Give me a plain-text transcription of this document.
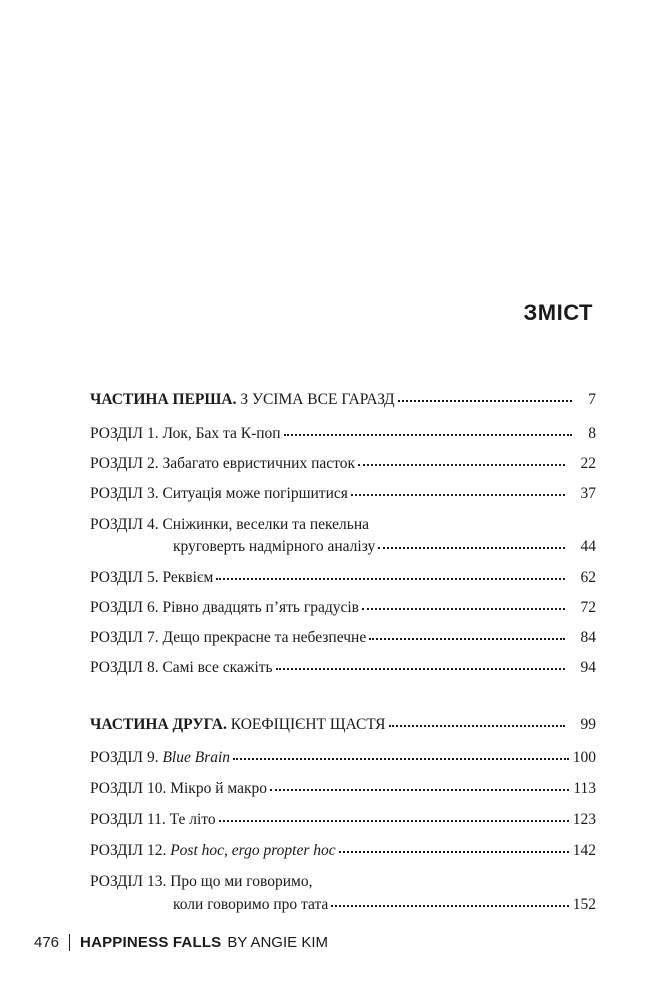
ЗМІСТ
ЧАСТИНА ПЕРША. З УСІМА ВСЕ ГАРАЗД	7
РОЗДІЛ 1. Лок, Бах та К-поп	8
РОЗДІЛ 2. Забагато евристичних пасток	22
РОЗДІЛ 3. Ситуація може погіршитися	37
РОЗДІЛ 4. Сніжинки, веселки та пекельна
круговерть надмірного аналізу	44
РОЗДІЛ 5. Реквієм	62
РОЗДІЛ 6. Рівно двадцять п’ять градусів	72
РОЗДІЛ 7. Дещо прекрасне та небезпечне	84
РОЗДІЛ 8. Самі все скажіть	94
ЧАСТИНА ДРУГА. КОЕФІЦІЄНТ ЩАСТЯ	99
РОЗДІЛ 9. Blue Brain	100
РОЗДІЛ 10. Мікро й макро	113
РОЗДІЛ 11. Те літо	123
РОЗДІЛ 12. Post hoc, ergo propter hoc	142
РОЗДІЛ 13. Про що ми говоримо,
коли говоримо про тата	152
476 HAPPINESS FALLS BY ANGIE KIM
